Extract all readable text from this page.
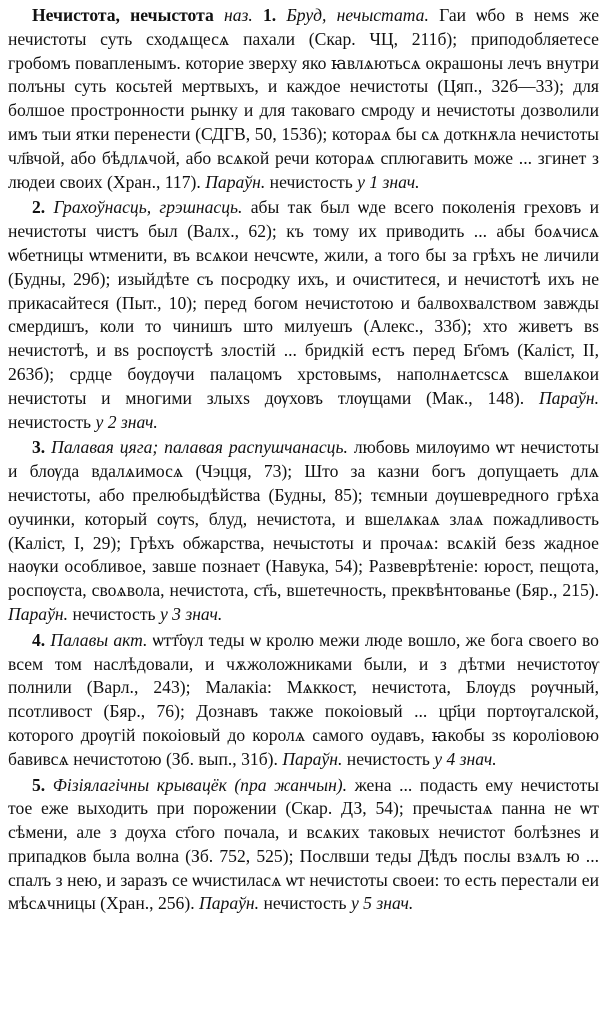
Нечистота, нечыстота наз. 1. Бруд, нечыстата. Гаи ѡбо в немѕ же нечистоты суть сходѧщесѧ пахали (Скар. ЧЦ, 211б); приподобляетесе гробомъ повапленымъ. которие зверху яко ꙗвлѧютьсѧ окрашоны лечъ внутри полъны суть косьтей мертвыхъ, и каждое нечистоты (Цяп., 32б—33); для болшое простронности рынку и для таковаго смроду и нечистоты дозволили имъ тыи ятки перенести (СДГВ, 50, 1536); котораѧ бы сѧ доткнѫла нечистоты чл҃вчой, або бѣдлѧчой, або всѧкой речи котораѧ сплюгавить може ... згинет з людеи своих (Хран., 117). Параўн. нечистость у 1 знач.

2. Грахоўнасць, грэшнасць. абы так был ѡде всего поколенія греховъ и нечистоты чистъ был (Валх., 62); къ тому их приводить ... абы боѧчисѧ ѡбетницы ѡтменити, въ всѧкои нечсѡте, жили, а того бы за грѣхъ не личили (Будны, 29б); изыйдѣте съ посродку ихъ, и очиститеся, и нечистотѣ ихъ не прикасайтеся (Пыт., 10); перед богом нечистотою и балвохвалством завжды смердишъ, коли то чинишъ што милуешъ (Алекс., 33б); хто живетъ вѕ нечистотѣ, и вѕ роспѹстѣ злостій ... бридкій естъ перед Бг҃омъ (Каліст, II, 263б); срдце бѹдѹчи палацомъ хрстовымѕ, наполнѧетсѕсѧ вшелѧкои нечистоты и многими злыхѕ дѹховъ тлѹщами (Мак., 148). Параўн. нечистость у 2 знач.

3. Палавая цяга; палавая распушчанасць. любовь милѹимо ѡт нечистоты и блѹда вдалѧимосѧ (Чэцця, 73); Што за казни богъ допущаеть длѧ нечистоты, або прелюбыдѣйства (Будны, 85); тємныи дѹшевредного грѣха оучинки, который сѹтѕ, блуд, нечистота, и вшелѧкаѧ злаѧ пожадливость (Каліст, I, 29); Грѣхъ обжарства, нечыстоты и прочаѧ: всѧкій безѕ жадное наѹки особливое, завше познает (Навука, 54); Развеврѣтеніе: юрост, пещота, роспѹста, своѧвола, нечистота, ст҃ь, вшетечность, преквѣнтованье (Бяр., 215). Параўн. нечистость у 3 знач.

4. Палавы акт. ѡтт҃ѹл теды ѡ кролю межи люде вошло, же бога своего во всем том наслѣдовали, и чѫжоложниками были, и з дѣтми нечистотѹ полнили (Варл., 243); Малакіа: Мѧккост, нечистота, Блѹдѕ рѹчный, псотливост (Бяр., 76); Дознавъ также покоіовый ... цр҃ци портѹгалской, которого дрѹгій покоіовый до королѧ самого оудавъ, ꙗкобы зѕ королiовою бавивсѧ нечистотою (Зб. вып., 31б). Параўн. нечистость у 4 знач.

5. Фізіялагічны крывацёк (пра жанчын). жена ... подасть ему нечистоты тое еже выходить при порожении (Скар. ДЗ, 54); пречыстаѧ панна не ѡт сѣмени, але з дѹха ст҃ого почала, и всѧких таковых нечистот болѣзнеѕ и припадков была волна (Зб. 752, 525); Послвши теды Дѣдъ послы взѧлъ ю ... спалъ з нею, и заразъ се ѡчистиласѧ ѡт нечистоты своеи: то есть перестали еи мѣсѧчницы (Хран., 256). Параўн. нечистость у 5 знач.
